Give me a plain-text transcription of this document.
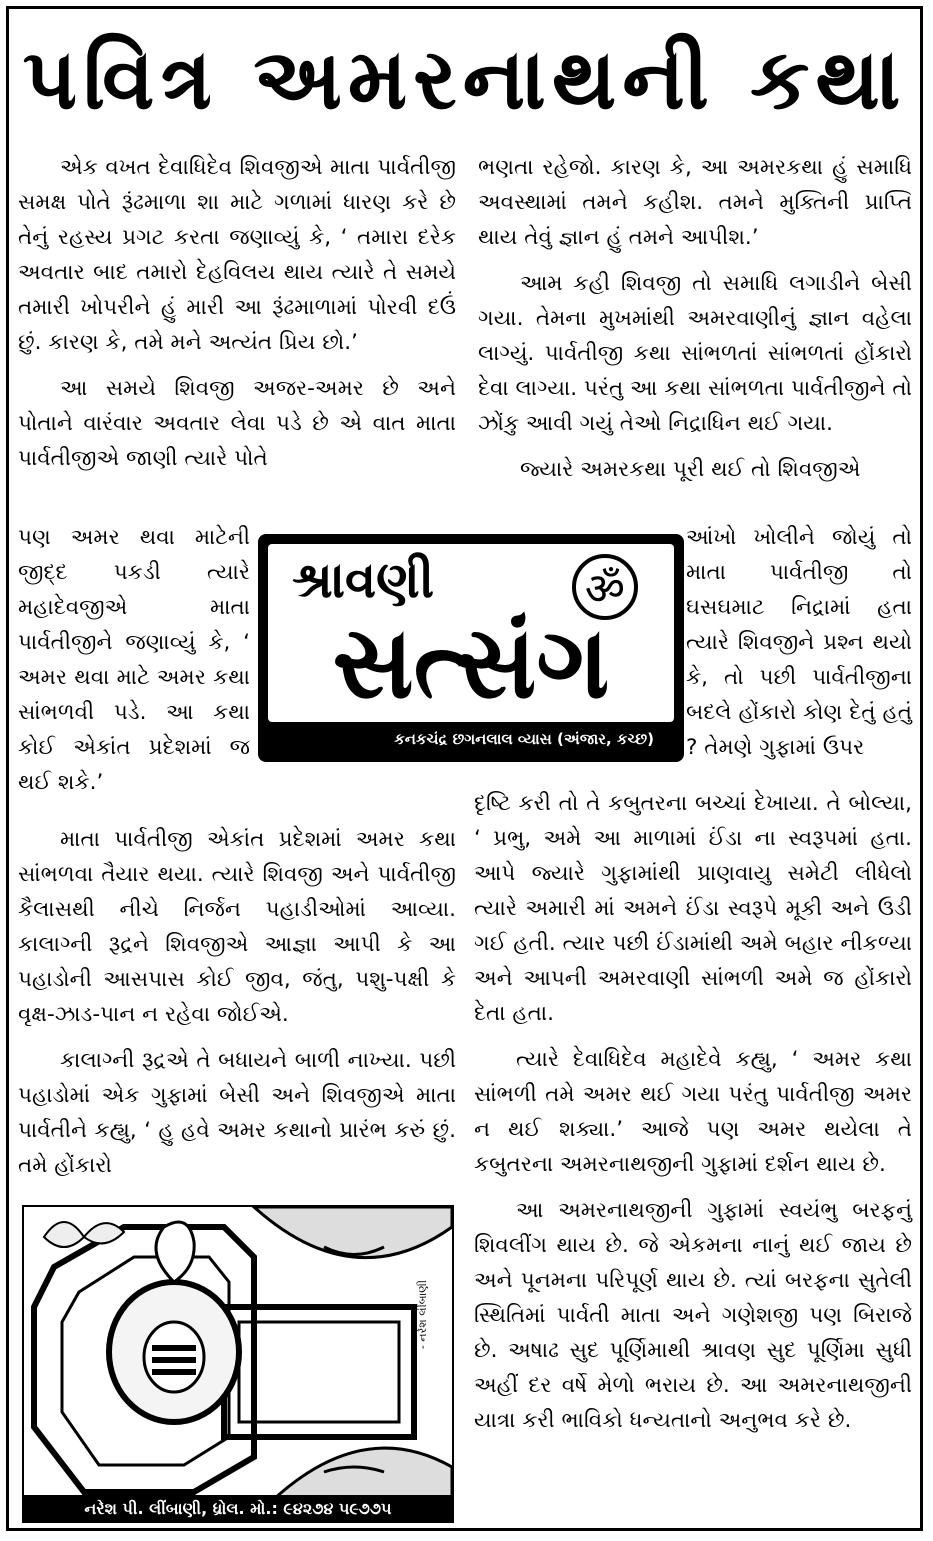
પવિત્ર અમરનાથની કથા

એક વખત દેવાધિદેવ શિવજીએ માતા પાર્વતીજી સમક્ષ પોતે રૂંઢમાળા શા માટે ગળામાં ધારણ કરે છે તેનું રહસ્ય પ્રગટ કરતા જણાવ્યું કે, ‘ તમારા દરેક અવતાર બાદ તમારો દેહવિલય થાય ત્યારે તે સમયે તમારી ખોપરીને હું મારી આ રૂંઢમાળામાં પોરવી દઉં છું. કારણ કે, તમે મને અત્યંત પ્રિય છો.’

આ સમયે શિવજી અજર-અમર છે અને પોતાને વારંવાર અવતાર લેવા પડે છે એ વાત માતા પાર્વતીજીએ જાણી ત્યારે પોતે

પણ અમર થવા માટેની જીદ્દ પકડી ત્યારે મહાદેવજીએ માતા પાર્વતીજીને જણાવ્યું કે, ‘ અમર થવા માટે અમર કથા સાંભળવી પડે. આ કથા કોઈ એકાંત પ્રદેશમાં જ થઈ શકે.’

માતા પાર્વતીજી એકાંત પ્રદેશમાં અમર કથા સાંભળવા તૈયાર થયા. ત્યારે શિવજી અને પાર્વતીજી કૈલાસથી નીચે નિર્જન પહાડીઓમાં આવ્યા. કાલાગ્ની રૂદ્રને શિવજીએ આજ્ઞા આપી કે આ પહાડોની આસપાસ કોઈ જીવ, જંતુ, પશુ-પક્ષી કે વૃક્ષ-ઝાડ-પાન ન રહેવા જોઈએ.

કાલાગ્ની રૂદ્રએ તે બધાયને બાળી નાખ્યા. પછી પહાડોમાં એક ગુફામાં બેસી અને શિવજીએ માતા પાર્વતીને કહ્યુ, ‘ હુ હવે અમર કથાનો પ્રારંભ કરું છું. તમે હોંકારો

ભણતા રહેજો. કારણ કે, આ અમરકથા હું સમાધિ અવસ્થામાં તમને કહીશ. તમને મુક્તિની પ્રાપ્તિ થાય તેવું જ્ઞાન હું તમને આપીશ.’

આમ કહી શિવજી તો સમાધિ લગાડીને બેસી ગયા. તેમના મુખમાંથી અમરવાણીનું જ્ઞાન વહેલા લાગ્યું. પાર્વતીજી કથા સાંભળતાં સાંભળતાં હોંકારો દેવા લાગ્યા. પરંતુ આ કથા સાંભળતા પાર્વતીજીને તો ઝોંકુ આવી ગયું તેઓ નિદ્રાધિન થઈ ગયા.

જ્યારે અમરકથા પૂરી થઈ તો શિવજીએ

આંખો ખોલીને જોયું તો માતા પાર્વતીજી તો ઘસઘમાટ નિદ્રામાં હતા ત્યારે શિવજીને પ્રશ્ન થયો કે, તો પછી પાર્વતીજીના બદલે હોંકારો કોણ દેતું હતું ? તેમણે ગુફામાં ઉપર

દૃષ્ટિ કરી તો તે કબુતરના બચ્ચાં દેખાયા. તે બોલ્યા, ‘ પ્રભુ, અમે આ માળામાં ઈંડા ના સ્વરૂપમાં હતા. આપે જ્યારે ગુફામાંથી પ્રાણવાયુ સમેટી લીધેલો ત્યારે અમારી માં અમને ઈંડા સ્વરૂપે મૂકી અને ઉડી ગઈ હતી. ત્યાર પછી ઈંડામાંથી અમે બહાર નીકળ્યા અને આપની અમરવાણી સાંભળી અમે જ હોંકારો દેતા હતા.

ત્યારે દેવાધિદેવ મહાદેવે કહ્યુ, ‘ અમર કથા સાંભળી તમે અમર થઈ ગયા પરંતુ પાર્વતીજી અમર ન થઈ શક્યા.’ આજે પણ અમર થયેલા તે કબુતરના અમરનાથજીની ગુફામાં દર્શન થાય છે.

આ અમરનાથજીની ગુફામાં સ્વયંભુ બરફનું શિવલીંગ થાય છે. જે એકમના નાનું થઈ જાય છે અને પૂનમના પરિપૂર્ણ થાય છે. ત્યાં બરફના સુતેલી સ્થિતિમાં પાર્વતી માતા અને ગણેશજી પણ બિરાજે છે. અષાઢ સુદ પૂર્ણિમાથી શ્રાવણ સુદ પૂર્ણિમા સુધી અહીં દર વર્ષે મેળો ભરાય છે. આ અમરનાથજીની યાત્રા કરી ભાવિકો ધન્યતાનો અનુભવ કરે છે.

શ્રાવણી	ॐ
સત્સંગ
કનકચંદ્ર છગનલાલ વ્યાસ (અંજાર, કચ્છ)
- નરેશ લીંબાણી
નરેશ પી. લીંબાણી, ધ્રોલ. મો.: ૯૪૨૭૪ ૫૯૭૭૫
